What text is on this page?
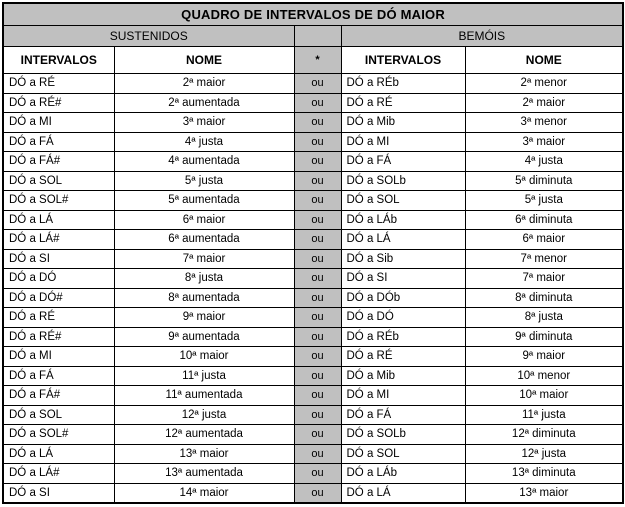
QUADRO DE INTERVALOS DE DÓ MAIOR				
SUSTENIDOS			BEMÓIS	
INTERVALOS	NOME	*	INTERVALOS	NOME
DÓ a RÉ	2ª maior	ou	DÓ a RÉb	2ª menor
DÓ a RÉ#	2ª aumentada	ou	DÓ a RÉ	2ª maior
DÓ a MI	3ª maior	ou	DÓ a Mib	3ª menor
DÓ a FÁ	4ª justa	ou	DÓ a MI	3ª maior
DÓ a FÁ#	4ª aumentada	ou	DÓ a FÁ	4ª justa
DÓ a SOL	5ª justa	ou	DÓ a SOLb	5ª diminuta
DÓ a SOL#	5ª aumentada	ou	DÓ a SOL	5ª justa
DÓ a LÁ	6ª maior	ou	DÓ a LÁb	6ª diminuta
DÓ a LÁ#	6ª aumentada	ou	DÓ a LÁ	6ª maior
DÓ a SI	7ª maior	ou	DÓ a Sib	7ª menor
DÓ a DÓ	8ª justa	ou	DÓ a SI	7ª maior
DÓ a DÓ#	8ª aumentada	ou	DÓ a DÓb	8ª diminuta
DÓ a RÉ	9ª maior	ou	DÓ a DÓ	8ª justa
DÓ a RÉ#	9ª aumentada	ou	DÓ a RÉb	9ª diminuta
DÓ a MI	10ª maior	ou	DÓ a RÉ	9ª maior
DÓ a FÁ	11ª justa	ou	DÓ a Mib	10ª menor
DÓ a FÁ#	11ª aumentada	ou	DÓ a MI	10ª maior
DÓ a SOL	12ª justa	ou	DÓ a FÁ	11ª justa
DÓ a SOL#	12ª aumentada	ou	DÓ a SOLb	12ª diminuta
DÓ a LÁ	13ª maior	ou	DÓ a SOL	12ª justa
DÓ a LÁ#	13ª aumentada	ou	DÓ a LÁb	13ª diminuta
DÓ a SI	14ª maior	ou	DÓ a LÁ	13ª maior
